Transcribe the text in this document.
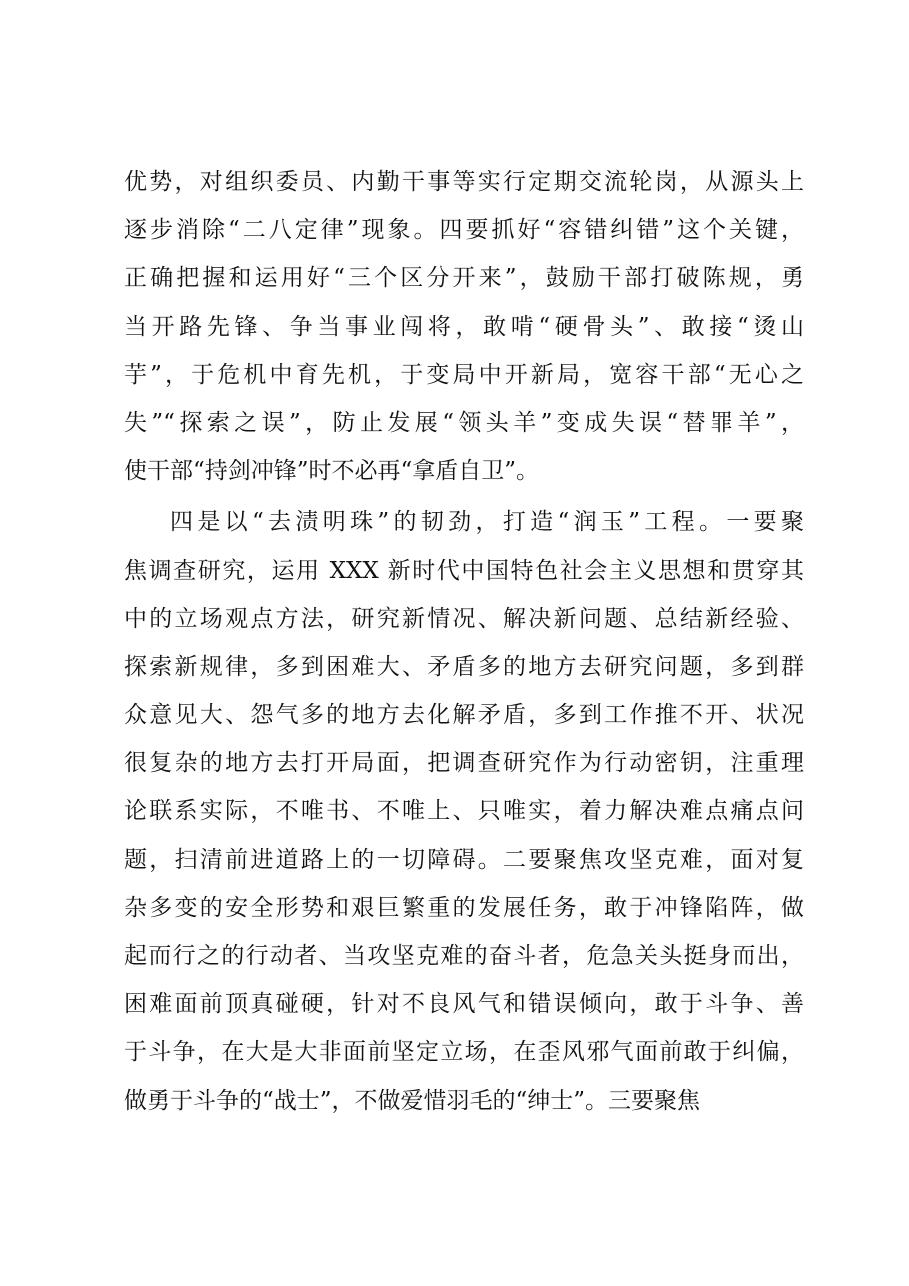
优势，对组织委员、内勤干事等实行定期交流轮岗，从源头上
逐步消除“二八定律”现象。四要抓好“容错纠错”这个关键，
正确把握和运用好“三个区分开来”，鼓励干部打破陈规，勇
当开路先锋、争当事业闯将，敢啃“硬骨头”、敢接“烫山
芋”，于危机中育先机，于变局中开新局，宽容干部“无心之
失”“探索之误”，防止发展“领头羊”变成失误“替罪羊”，
使干部“持剑冲锋”时不必再“拿盾自卫”。
四是以“去渍明珠”的韧劲，打造“润玉”工程。一要聚
焦调查研究，运用 XXX 新时代中国特色社会主义思想和贯穿其
中的立场观点方法，研究新情况、解决新问题、总结新经验、
探索新规律，多到困难大、矛盾多的地方去研究问题，多到群
众意见大、怨气多的地方去化解矛盾，多到工作推不开、状况
很复杂的地方去打开局面，把调查研究作为行动密钥，注重理
论联系实际，不唯书、不唯上、只唯实，着力解决难点痛点问
题，扫清前进道路上的一切障碍。二要聚焦攻坚克难，面对复
杂多变的安全形势和艰巨繁重的发展任务，敢于冲锋陷阵，做
起而行之的行动者、当攻坚克难的奋斗者，危急关头挺身而出，
困难面前顶真碰硬，针对不良风气和错误倾向，敢于斗争、善
于斗争，在大是大非面前坚定立场，在歪风邪气面前敢于纠偏，
做勇于斗争的“战士”，不做爱惜羽毛的“绅士”。三要聚焦
